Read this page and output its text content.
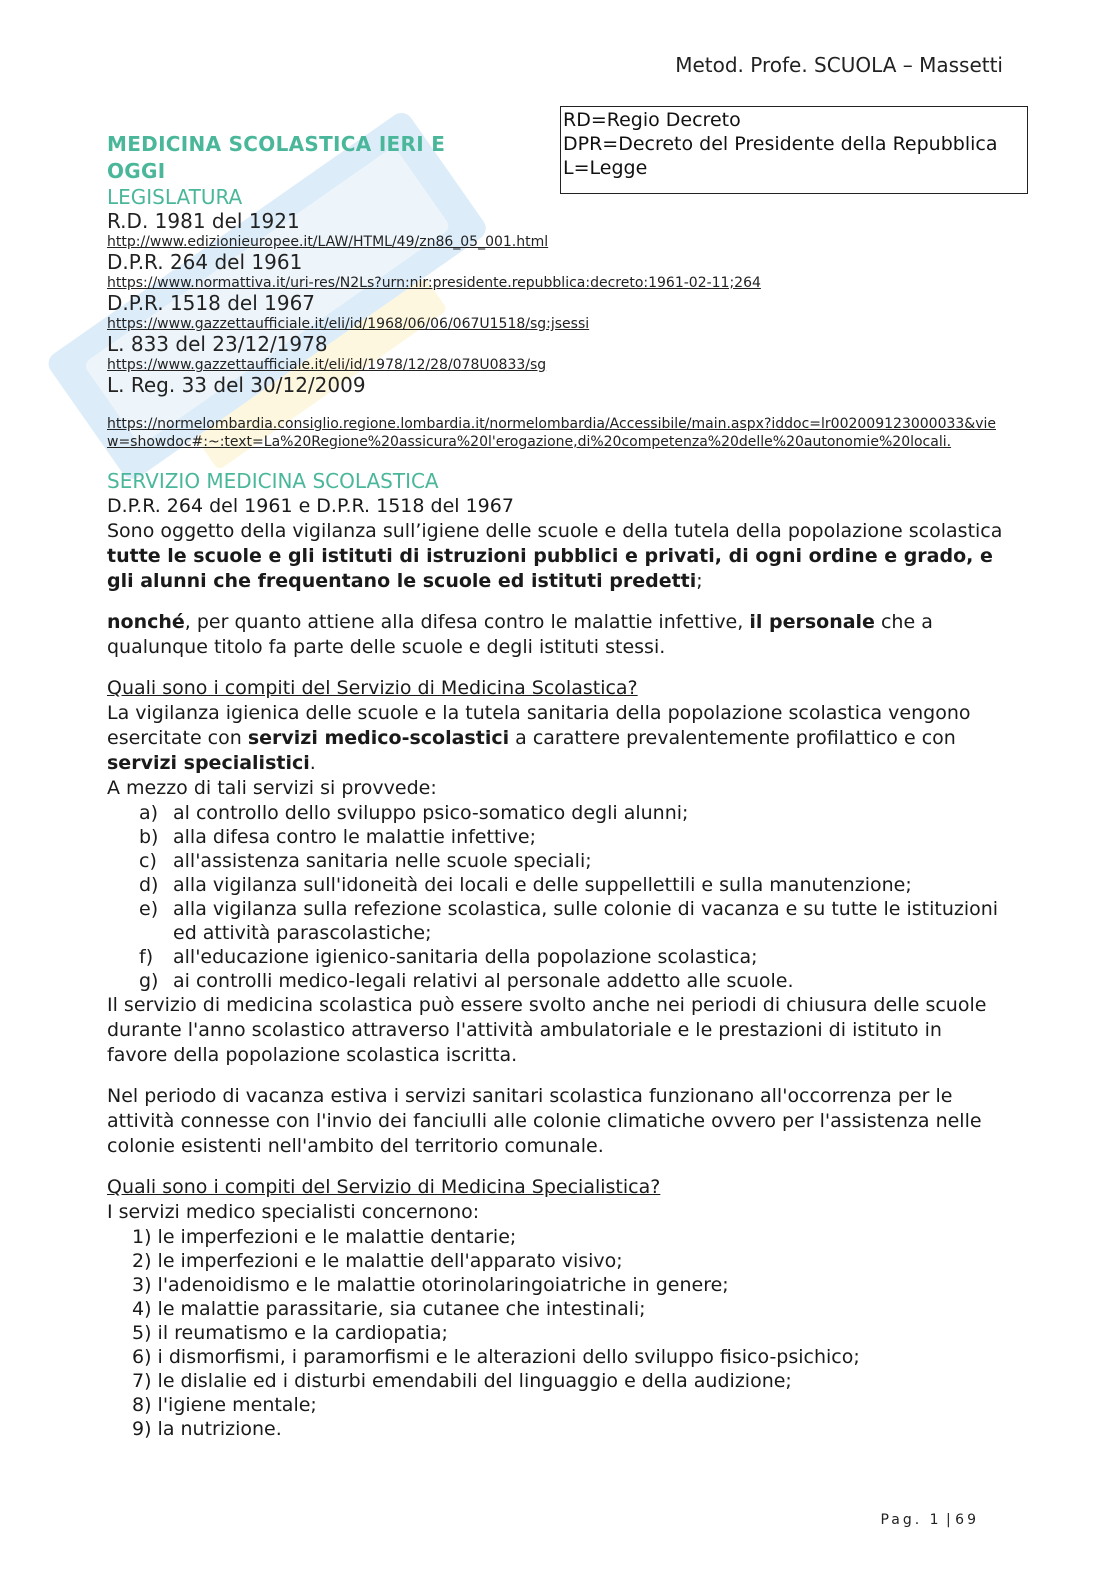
Metod. Profe. SCUOLA – Massetti
RD=Regio Decreto
DPR=Decreto del Presidente della Repubblica
L=Legge
MEDICINA SCOLASTICA IERI E
OGGI
LEGISLATURA
R.D. 1981 del 1921
http://www.edizionieuropee.it/LAW/HTML/49/zn86_05_001.html
D.P.R. 264 del 1961
https://www.normattiva.it/uri-res/N2Ls?urn:nir:presidente.repubblica:decreto:1961-02-11;264
D.P.R. 1518 del 1967
https://www.gazzettaufficiale.it/eli/id/1968/06/06/067U1518/sg:jsessi
L. 833 del 23/12/1978
https://www.gazzettaufficiale.it/eli/id/1978/12/28/078U0833/sg
L. Reg. 33 del 30/12/2009
https://normelombardia.consiglio.regione.lombardia.it/normelombardia/Accessibile/main.aspx?iddoc=lr002009123000033&view=showdoc#:~:text=La%20Regione%20assicura%20l'erogazione,di%20competenza%20delle%20autonomie%20locali.
SERVIZIO MEDICINA SCOLASTICA
D.P.R. 264 del 1961 e D.P.R. 1518 del 1967
Sono oggetto della vigilanza sull’igiene delle scuole e della tutela della popolazione scolastica tutte le scuole e gli istituti di istruzioni pubblici e privati, di ogni ordine e grado, e gli alunni che frequentano le scuole ed istituti predetti;
nonché, per quanto attiene alla difesa contro le malattie infettive, il personale che a qualunque titolo fa parte delle scuole e degli istituti stessi.
Quali sono i compiti del Servizio di Medicina Scolastica?
La vigilanza igienica delle scuole e la tutela sanitaria della popolazione scolastica vengono esercitate con servizi medico-scolastici a carattere prevalentemente profilattico e con servizi specialistici.
A mezzo di tali servizi si provvede:
a) al controllo dello sviluppo psico-somatico degli alunni;
b) alla difesa contro le malattie infettive;
c) all'assistenza sanitaria nelle scuole speciali;
d) alla vigilanza sull'idoneità dei locali e delle suppellettili e sulla manutenzione;
e) alla vigilanza sulla refezione scolastica, sulle colonie di vacanza e su tutte le istituzioni ed attività parascolastiche;
f) all'educazione igienico-sanitaria della popolazione scolastica;
g) ai controlli medico-legali relativi al personale addetto alle scuole.
Il servizio di medicina scolastica può essere svolto anche nei periodi di chiusura delle scuole durante l'anno scolastico attraverso l'attività ambulatoriale e le prestazioni di istituto in favore della popolazione scolastica iscritta.
Nel periodo di vacanza estiva i servizi sanitari scolastica funzionano all'occorrenza per le attività connesse con l'invio dei fanciulli alle colonie climatiche ovvero per l'assistenza nelle colonie esistenti nell'ambito del territorio comunale.
Quali sono i compiti del Servizio di Medicina Specialistica?
I servizi medico specialisti concernono:
1) le imperfezioni e le malattie dentarie;
2) le imperfezioni e le malattie dell'apparato visivo;
3) l'adenoidismo e le malattie otorinolaringoiatriche in genere;
4) le malattie parassitarie, sia cutanee che intestinali;
5) il reumatismo e la cardiopatia;
6) i dismorfismi, i paramorfismi e le alterazioni dello sviluppo fisico-psichico;
7) le dislalie ed i disturbi emendabili del linguaggio e della audizione;
8) l'igiene mentale;
9) la nutrizione.
Pag. 1 | 69
